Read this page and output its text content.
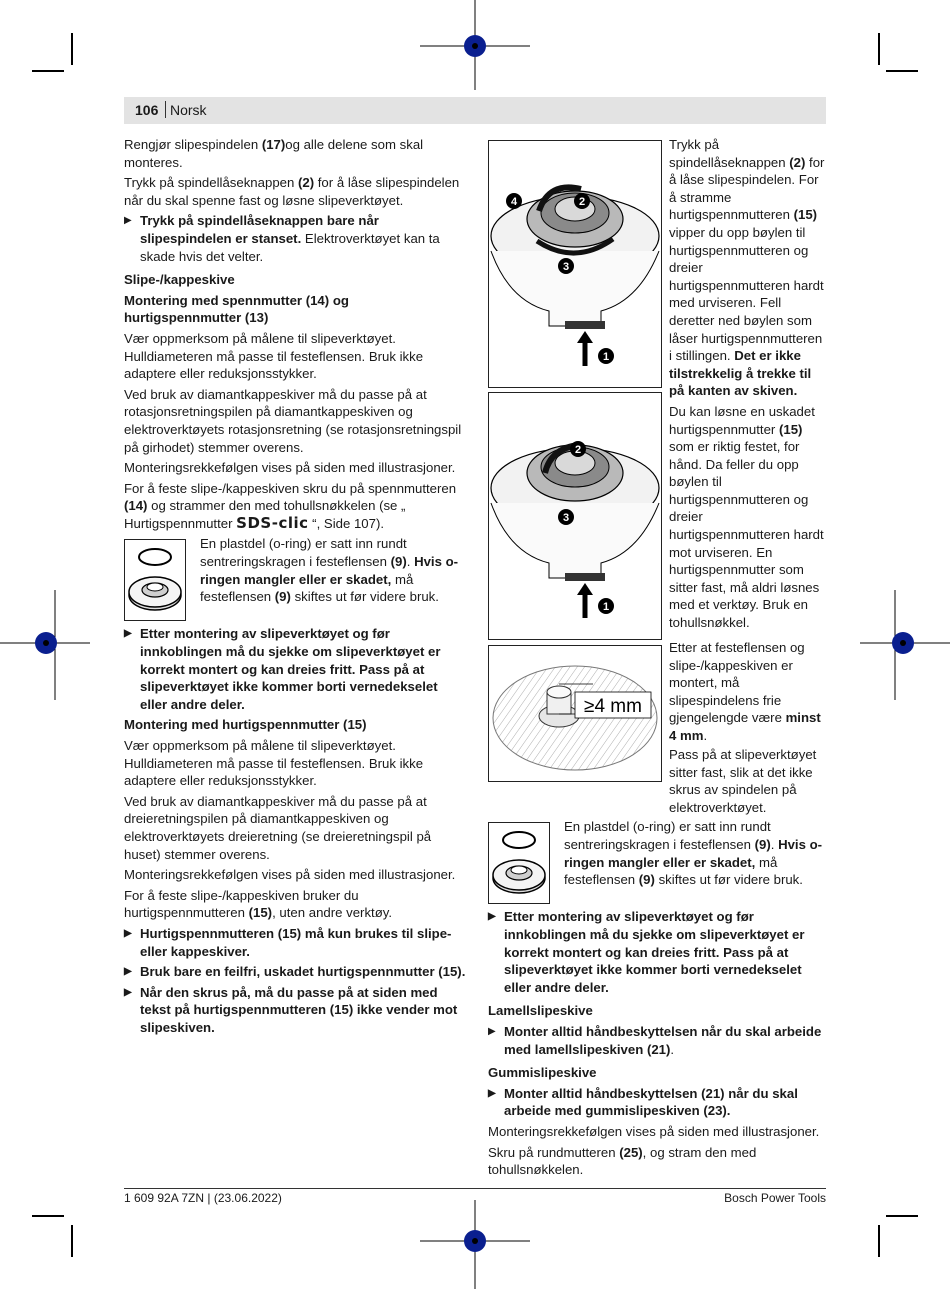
106 Norsk

Rengjør slipespindelen (17)og alle delene som skal monteres.

Trykk på spindellåseknappen (2) for å låse slipespindelen når du skal spenne fast og løsne slipeverktøyet.

▶ Trykk på spindellåseknappen bare når slipespindelen er stanset. Elektroverktøyet kan ta skade hvis det velter.

Slipe-/kappeskive

Montering med spennmutter (14) og hurtigspennmutter (13)

Vær oppmerksom på målene til slipeverktøyet. Hulldiameteren må passe til festeflensen. Bruk ikke adaptere eller reduksjonsstykker.

Ved bruk av diamantkappeskiver må du passe på at rotasjonsretningspilen på diamantkappeskiven og elektroverktøyets rotasjonsretning (se rotasjonsretningspil på girhodet) stemmer overens.

Monteringsrekkefølgen vises på siden med illustrasjoner.

For å feste slipe-/kappeskiven skru du på spennmutteren (14) og strammer den med tohullsnøkkelen (se „ Hurtigspennmutter SDS-clic “, Side 107).

En plastdel (o-ring) er satt inn rundt sentreringskragen i festeflensen (9). Hvis o-ringen mangler eller er skadet, må festeflensen (9) skiftes ut før videre bruk.

▶ Etter montering av slipeverktøyet og før innkoblingen må du sjekke om slipeverktøyet er korrekt montert og kan dreies fritt. Pass på at slipeverktøyet ikke kommer borti vernedekselet eller andre deler.

Montering med hurtigspennmutter (15)

Vær oppmerksom på målene til slipeverktøyet. Hulldiameteren må passe til festeflensen. Bruk ikke adaptere eller reduksjonsstykker.

Ved bruk av diamantkappeskiver må du passe på at dreieretningspilen på diamantkappeskiven og elektroverktøyets dreieretning (se dreieretningspil på huset) stemmer overens.

Monteringsrekkefølgen vises på siden med illustrasjoner.

For å feste slipe-/kappeskiven bruker du hurtigspennmutteren (15), uten andre verktøy.

▶ Hurtigspennmutteren (15) må kun brukes til slipe- eller kappeskiver.

▶ Bruk bare en feilfri, uskadet hurtigspennmutter (15).

▶ Når den skrus på, må du passe på at siden med tekst på hurtigspennmutteren (15) ikke vender mot slipeskiven.

4	2
3
1
2
3
1
≥4 mm

Trykk på spindellåseknappen (2) for å låse slipespindelen. For å stramme hurtigspennmutteren (15) vipper du opp bøylen til hurtigspennmutteren og dreier hurtigspennmutteren hardt med urviseren. Fell deretter ned bøylen som låser hurtigspennmutteren i stillingen. Det er ikke tilstrekkelig å trekke til på kanten av skiven.

Du kan løsne en uskadet hurtigspennmutter (15) som er riktig festet, for hånd. Da feller du opp bøylen til hurtigspennmutteren og dreier hurtigspennmutteren hardt mot urviseren. En hurtigspennmutter som sitter fast, må aldri løsnes med et verktøy. Bruk en tohullsnøkkel.

Etter at festeflensen og slipe-/kappeskiven er montert, må slipespindelens frie gjengelengde være minst 4 mm.

Pass på at slipeverktøyet sitter fast, slik at det ikke skrus av spindelen på elektroverktøyet.

En plastdel (o-ring) er satt inn rundt sentreringskragen i festeflensen (9). Hvis o-ringen mangler eller er skadet, må festeflensen (9) skiftes ut før videre bruk.

▶ Etter montering av slipeverktøyet og før innkoblingen må du sjekke om slipeverktøyet er korrekt montert og kan dreies fritt. Pass på at slipeverktøyet ikke kommer borti vernedekselet eller andre deler.

Lamellslipeskive

▶ Monter alltid håndbeskyttelsen når du skal arbeide med lamellslipeskiven (21).

Gummislipeskive

▶ Monter alltid håndbeskyttelsen (21) når du skal arbeide med gummislipeskiven (23).

Monteringsrekkefølgen vises på siden med illustrasjoner.

Skru på rundmutteren (25), og stram den med tohullsnøkkelen.

1 609 92A 7ZN | (23.06.2022)	Bosch Power Tools
